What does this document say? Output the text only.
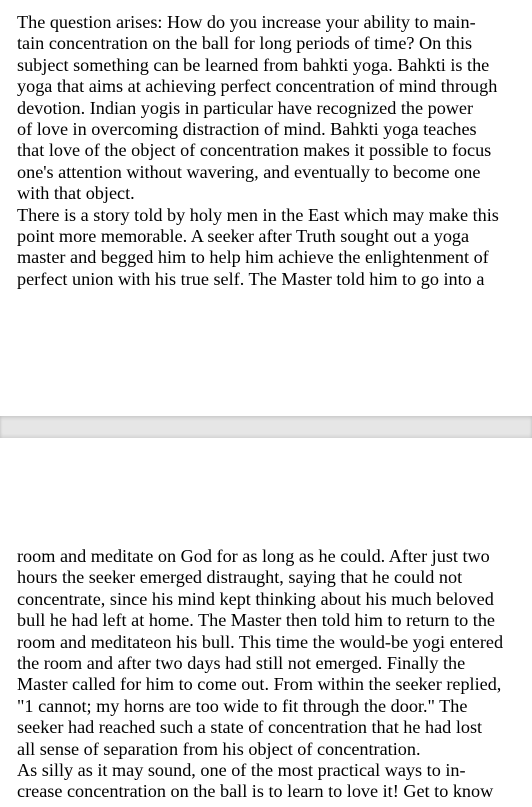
The question arises: How do you increase your ability to main-
tain concentration on the ball for long periods of time? On this
subject something can be learned from bahkti yoga. Bahkti is the
yoga that aims at achieving perfect concentration of mind through
devotion. Indian yogis in particular have recognized the power
of love in overcoming distraction of mind. Bahkti yoga teaches
that love of the object of concentration makes it possible to focus
one's attention without wavering, and eventually to become one
with that object.
There is a story told by holy men in the East which may make this
point more memorable. A seeker after Truth sought out a yoga
master and begged him to help him achieve the enlightenment of
perfect union with his true self. The Master told him to go into a
room and meditate on God for as long as he could. After just two
hours the seeker emerged distraught, saying that he could not
concentrate, since his mind kept thinking about his much beloved
bull he had left at home. The Master then told him to return to the
room and meditateon his bull. This time the would-be yogi entered
the room and after two days had still not emerged. Finally the
Master called for him to come out. From within the seeker replied,
"1 cannot; my horns are too wide to fit through the door." The
seeker had reached such a state of concentration that he had lost
all sense of separation from his object of concentration.
As silly as it may sound, one of the most practical ways to in-
crease concentration on the ball is to learn to love it! Get to know
